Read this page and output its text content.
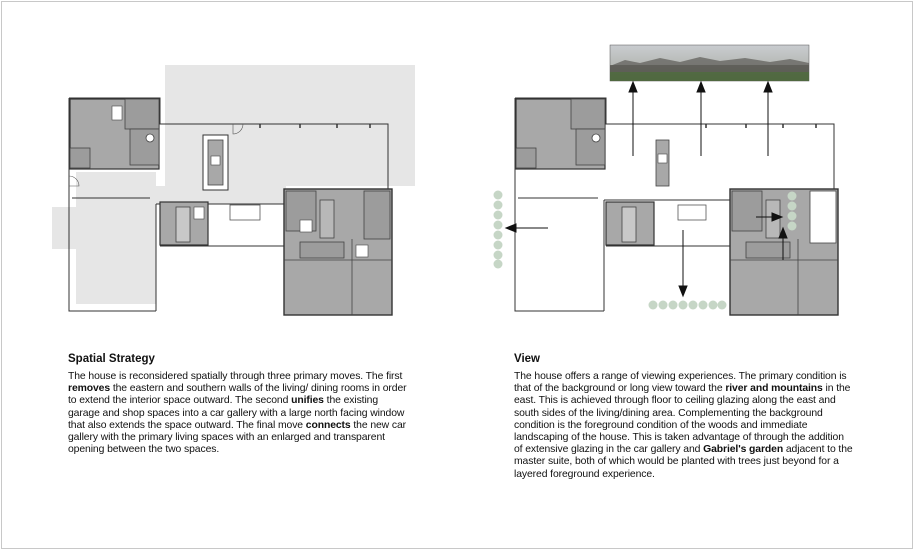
Spatial Strategy

The house is reconsidered spatially through three primary moves. The first removes the eastern and southern walls of the living/ dining rooms in order to extend the interior space outward. The second unifies the existing garage and shop spaces into a car gallery with a large north facing window that also extends the space outward. The final move connects the new car gallery with the primary living spaces with an enlarged and transparent opening between the two spaces.

View

The house offers a range of viewing experiences. The primary condition is that of the background or long view toward the river and mountains in the east. This is achieved through floor to ceiling glazing along the east and south sides of the living/dining area. Complementing the background condition is the foreground condition of the woods and immediate landscaping of the house. This is taken advantage of through the addition of extensive glazing in the car gallery and Gabriel's garden adjacent to the master suite, both of which would be planted with trees just beyond for a layered foreground experience.
